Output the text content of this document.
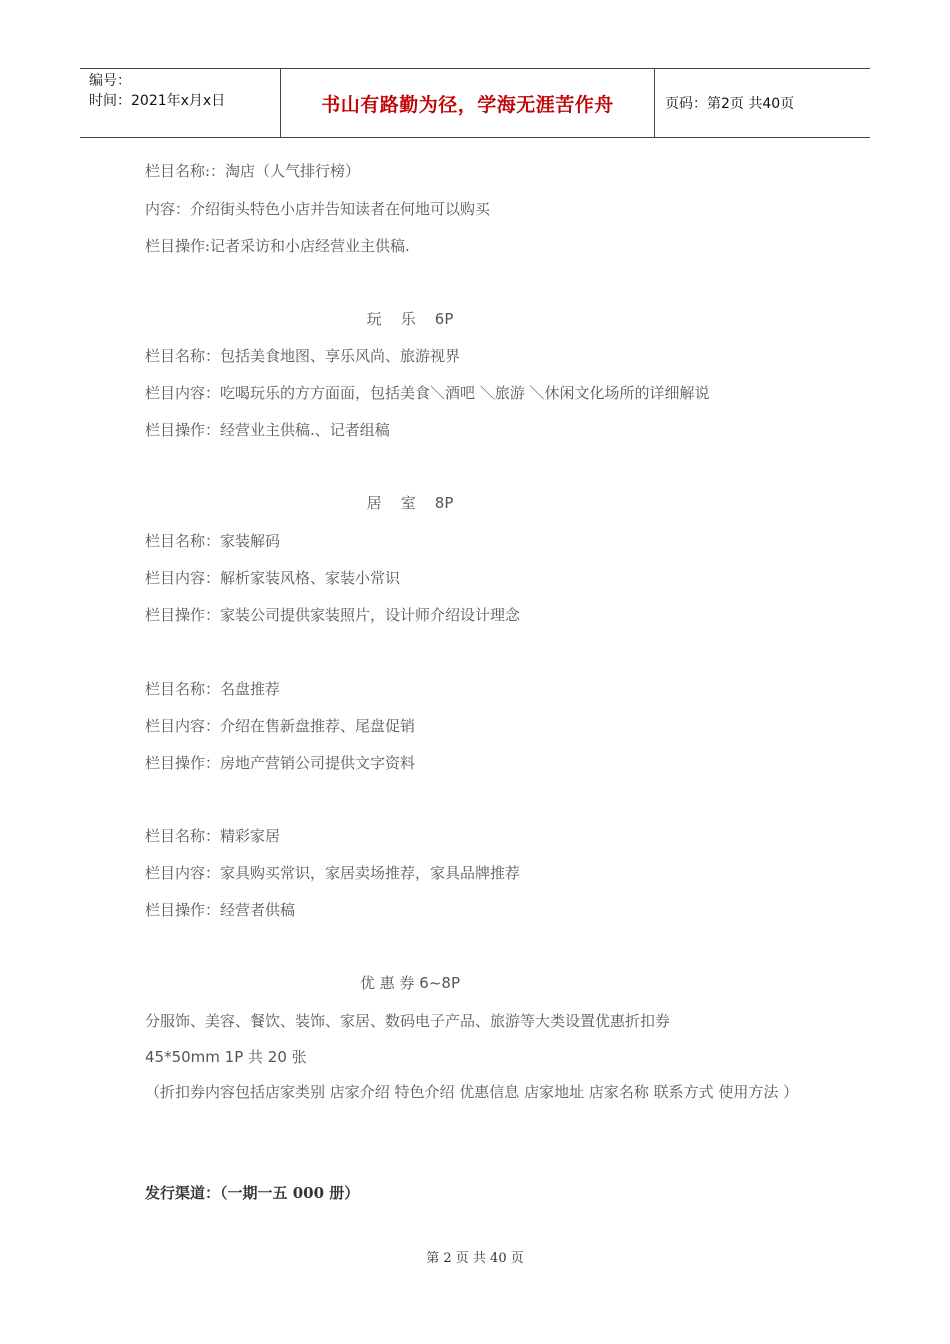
编号：
时间：2021年x月x日	书山有路勤为径，学海无涯苦作舟	页码：第2页 共40页
栏目名称:：淘店（人气排行榜）
内容：介绍街头特色小店并告知读者在何地可以购买
栏目操作:记者采访和小店经营业主供稿.
玩    乐    6P
栏目名称：包括美食地图、享乐风尚、旅游视界
栏目内容：吃喝玩乐的方方面面，包括美食＼酒吧 ＼旅游 ＼休闲文化场所的详细解说
栏目操作：经营业主供稿.、记者组稿
居    室    8P
栏目名称：家装解码
栏目内容：解析家装风格、家装小常识
栏目操作：家装公司提供家装照片，设计师介绍设计理念
栏目名称：名盘推荐
栏目内容：介绍在售新盘推荐、尾盘促销
栏目操作：房地产营销公司提供文字资料
栏目名称：精彩家居
栏目内容：家具购买常识，家居卖场推荐，家具品牌推荐
栏目操作：经营者供稿
优 惠 券 6~8P
分服饰、美容、餐饮、装饰、家居、数码电子产品、旅游等大类设置优惠折扣券
45*50mm 1P 共 20 张
（折扣券内容包括店家类别 店家介绍 特色介绍 优惠信息 店家地址 店家名称 联系方式 使用方法 ）
发行渠道：（一期一五 000 册）
第 2 页 共 40 页
